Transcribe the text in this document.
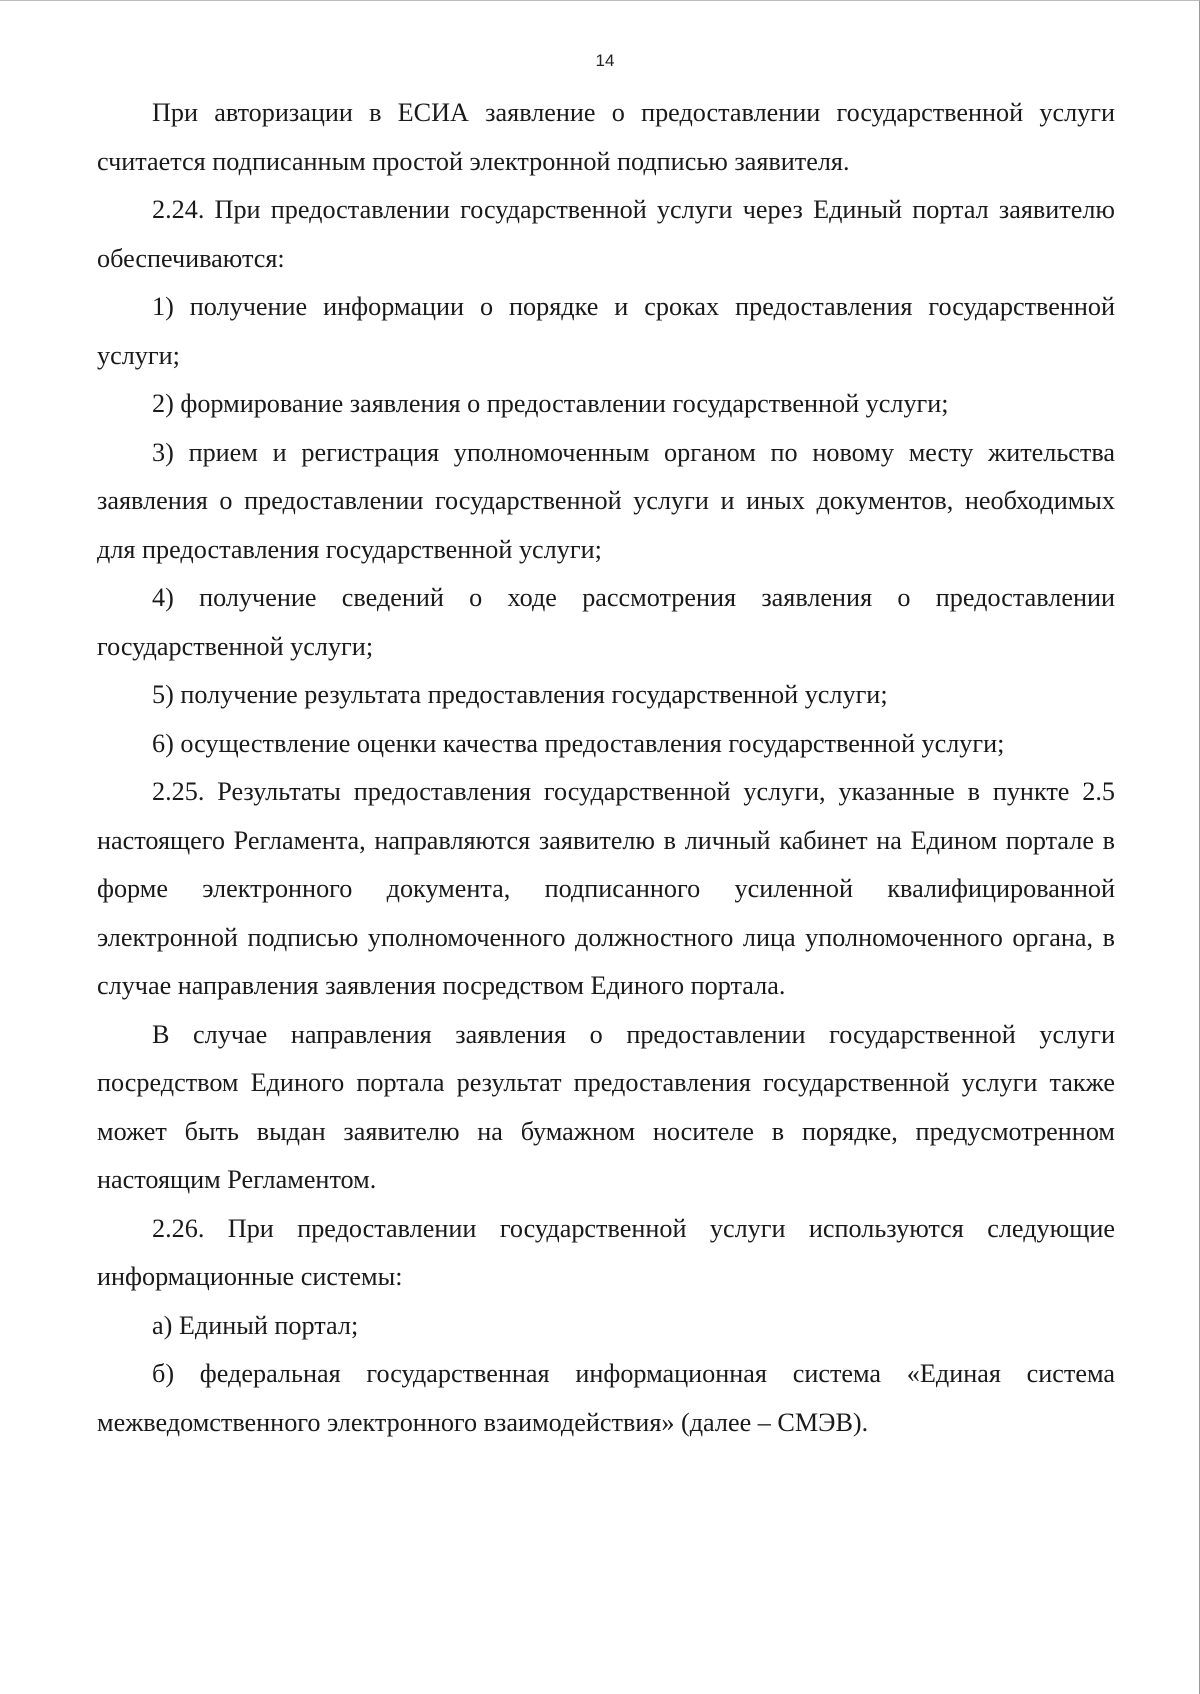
14

При авторизации в ЕСИА заявление о предоставлении государственной услуги считается подписанным простой электронной подписью заявителя.

2.24. При предоставлении государственной услуги через Единый портал заявителю обеспечиваются:

1) получение информации о порядке и сроках предоставления государственной услуги;

2) формирование заявления о предоставлении государственной услуги;

3) прием и регистрация уполномоченным органом по новому месту жительства заявления о предоставлении государственной услуги и иных документов, необходимых для предоставления государственной услуги;

4) получение сведений о ходе рассмотрения заявления о предоставлении государственной услуги;

5) получение результата предоставления государственной услуги;

6) осуществление оценки качества предоставления государственной услуги;

2.25. Результаты предоставления государственной услуги, указанные в пункте 2.5 настоящего Регламента, направляются заявителю в личный кабинет на Едином портале в форме электронного документа, подписанного усиленной квалифицированной электронной подписью уполномоченного должностного лица уполномоченного органа, в случае направления заявления посредством Единого портала.

В случае направления заявления о предоставлении государственной услуги посредством Единого портала результат предоставления государственной услуги также может быть выдан заявителю на бумажном носителе в порядке, предусмотренном настоящим Регламентом.

2.26. При предоставлении государственной услуги используются следующие информационные системы:

а) Единый портал;

б) федеральная государственная информационная система «Единая система межведомственного электронного взаимодействия» (далее – СМЭВ).
